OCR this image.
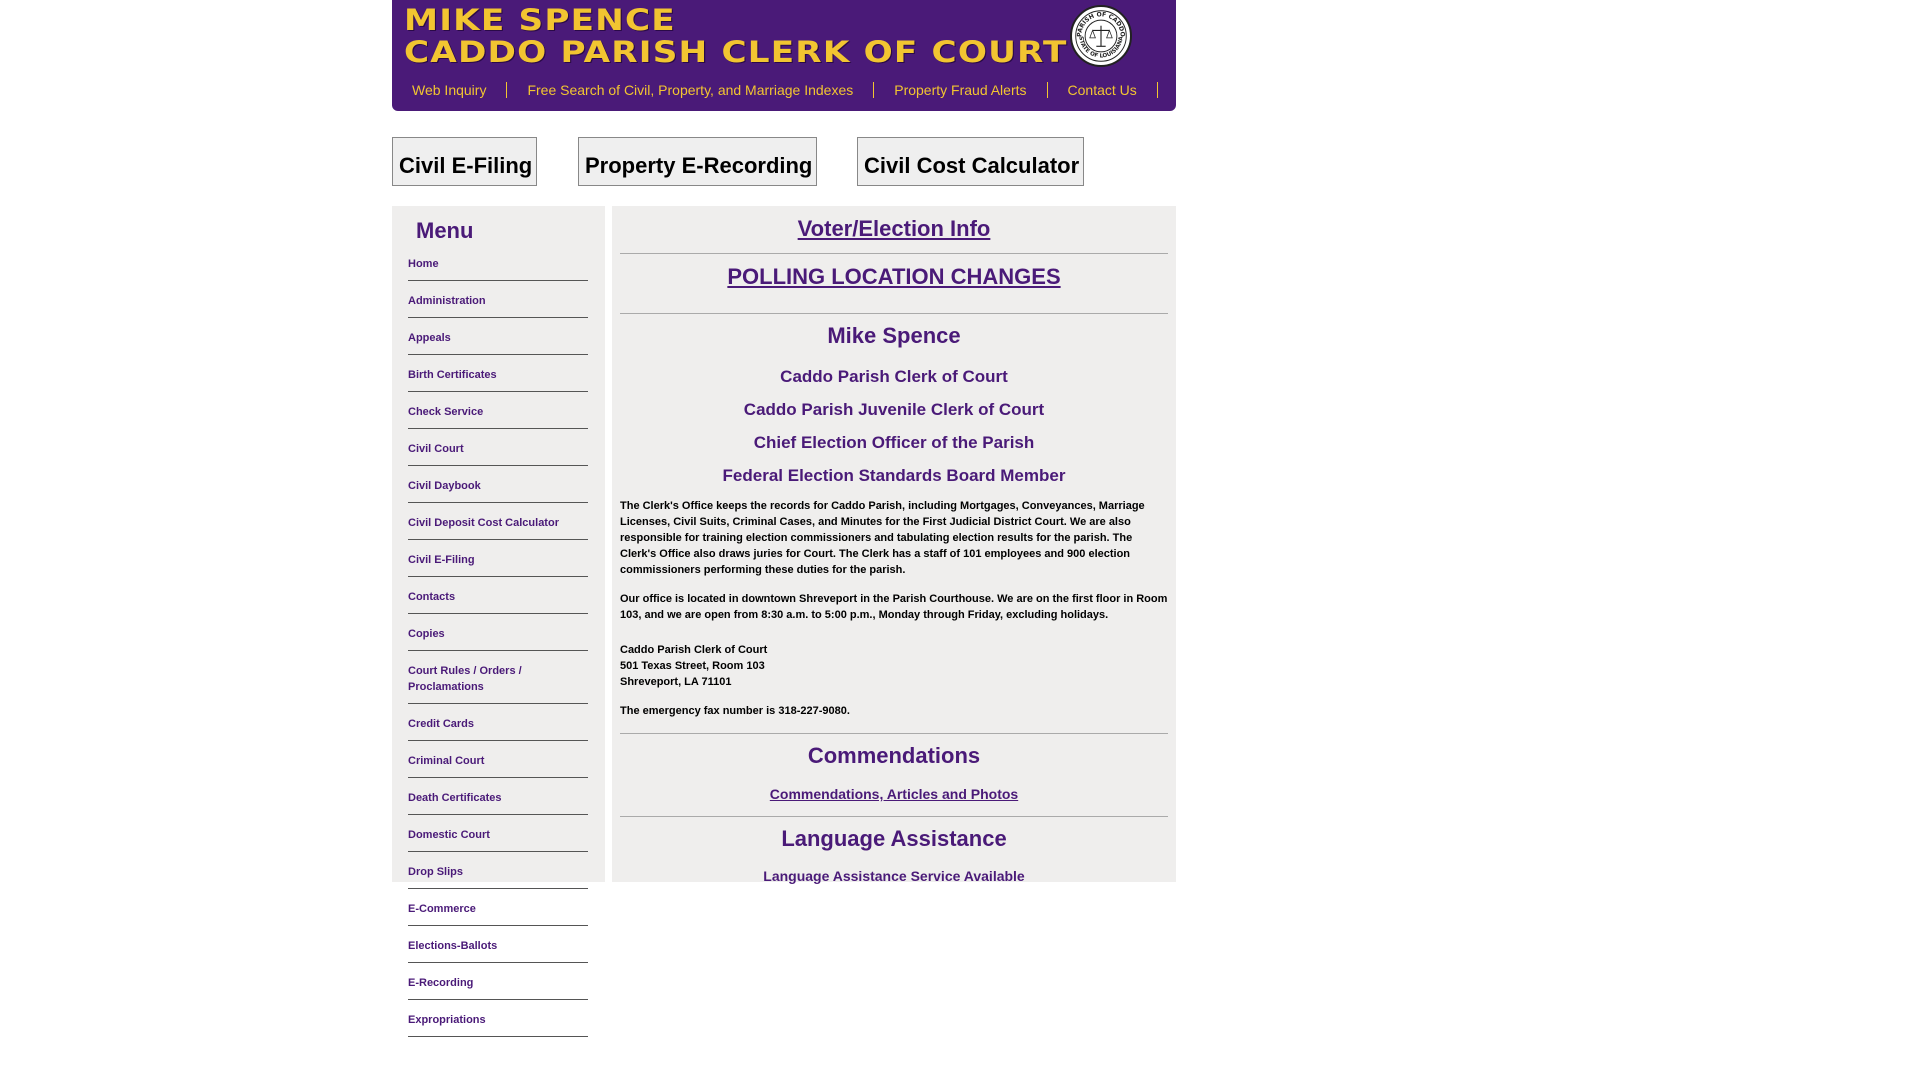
MIKE SPENCE
CADDO PARISH CLERK OF COURT
PARISH OF CADDO
STATE OF LOUISIANA
Web Inquiry	Free Search of Civil, Property, and Marriage Indexes	Property Fraud Alerts	Contact Us
Civil E-Filing	Property E-Recording	Civil Cost Calculator
Menu
Home
Administration
Appeals
Birth Certificates
Check Service
Civil Court
Civil Daybook
Civil Deposit Cost Calculator
Civil E-Filing
Contacts
Copies
Court Rules / Orders / Proclamations
Credit Cards
Criminal Court
Death Certificates
Domestic Court
Drop Slips
E-Commerce
Elections-Ballots
E-Recording
Expropriations

Voter/Election Info

POLLING LOCATION CHANGES

Mike Spence
Caddo Parish Clerk of Court
Caddo Parish Juvenile Clerk of Court
Chief Election Officer of the Parish
Federal Election Standards Board Member

The Clerk's Office keeps the records for Caddo Parish, including Mortgages, Conveyances, Marriage Licenses, Civil Suits, Criminal Cases, and Minutes for the First Judicial District Court. We are also responsible for training election commissioners and tabulating election results for the parish. The Clerk's Office also draws juries for Court. The Clerk has a staff of 101 employees and 900 election commissioners performing these duties for the parish.

Our office is located in downtown Shreveport in the Parish Courthouse. We are on the first floor in Room 103, and we are open from 8:30 a.m. to 5:00 p.m., Monday through Friday, excluding holidays.

Caddo Parish Clerk of Court
501 Texas Street, Room 103
Shreveport, LA 71101

The emergency fax number is 318-227-9080.

Commendations

Commendations, Articles and Photos

Language Assistance

Language Assistance Service Available
